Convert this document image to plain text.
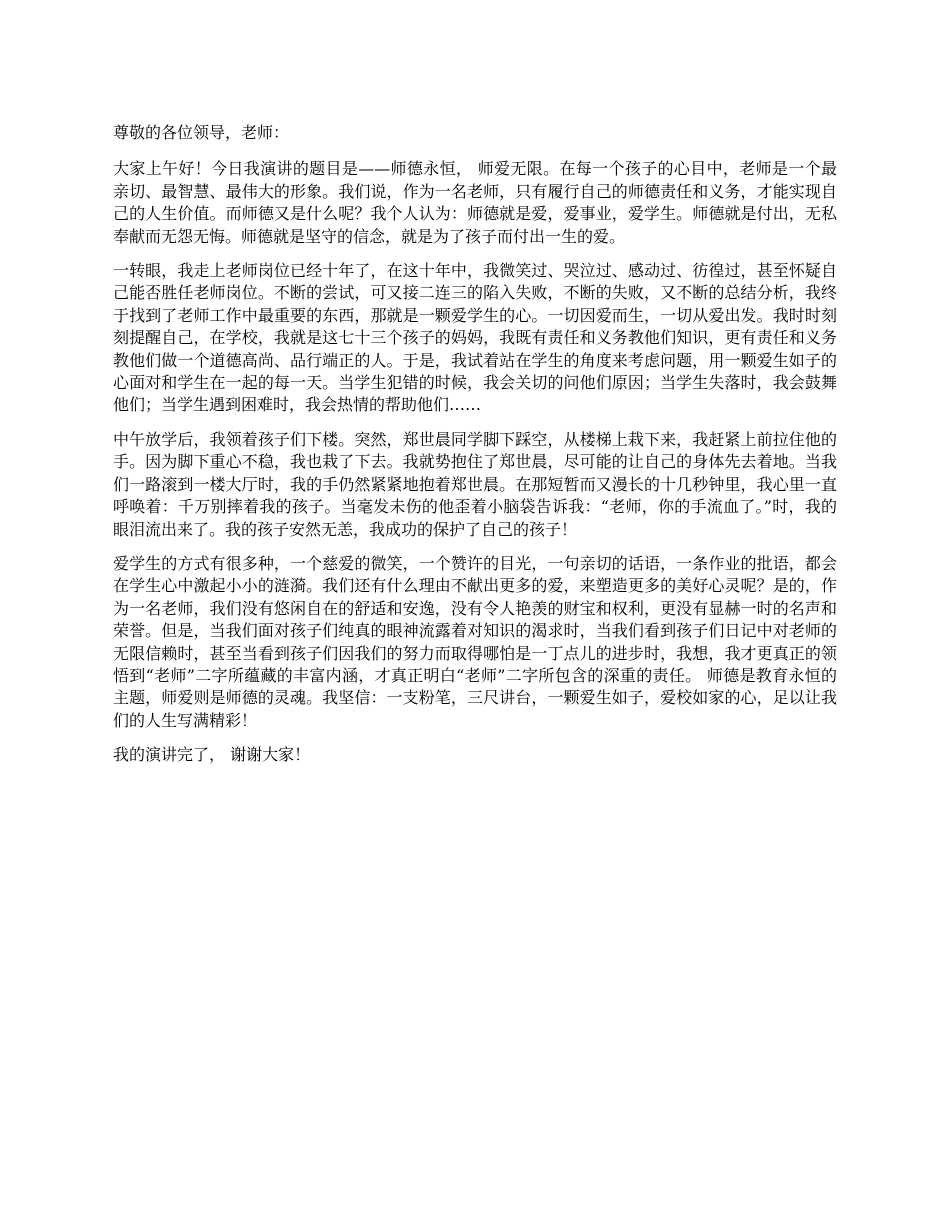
尊敬的各位领导，老师：

大家上午好！今日我演讲的题目是——师德永恒， 师爱无限。在每一个孩子的心目中，老师是一个最亲切、最智慧、最伟大的形象。我们说，作为一名老师，只有履行自己的师德责任和义务，才能实现自己的人生价值。而师德又是什么呢？我个人认为：师德就是爱，爱事业，爱学生。师德就是付出，无私奉献而无怨无悔。师德就是坚守的信念，就是为了孩子而付出一生的爱。

一转眼，我走上老师岗位已经十年了，在这十年中，我微笑过、哭泣过、感动过、彷徨过，甚至怀疑自己能否胜任老师岗位。不断的尝试，可又接二连三的陷入失败，不断的失败，又不断的总结分析，我终于找到了老师工作中最重要的东西，那就是一颗爱学生的心。一切因爱而生，一切从爱出发。我时时刻刻提醒自己，在学校，我就是这七十三个孩子的妈妈，我既有责任和义务教他们知识，更有责任和义务教他们做一个道德高尚、品行端正的人。于是，我试着站在学生的角度来考虑问题，用一颗爱生如子的心面对和学生在一起的每一天。当学生犯错的时候，我会关切的问他们原因；当学生失落时，我会鼓舞他们；当学生遇到困难时，我会热情的帮助他们……

中午放学后，我领着孩子们下楼。突然，郑世晨同学脚下踩空，从楼梯上栽下来，我赶紧上前拉住他的手。因为脚下重心不稳，我也栽了下去。我就势抱住了郑世晨，尽可能的让自己的身体先去着地。当我们一路滚到一楼大厅时，我的手仍然紧紧地抱着郑世晨。在那短暂而又漫长的十几秒钟里，我心里一直呼唤着：千万别摔着我的孩子。当毫发未伤的他歪着小脑袋告诉我：“老师，你的手流血了。”时，我的眼泪流出来了。我的孩子安然无恙，我成功的保护了自己的孩子！

爱学生的方式有很多种，一个慈爱的微笑，一个赞许的目光，一句亲切的话语，一条作业的批语，都会在学生心中激起小小的涟漪。我们还有什么理由不献出更多的爱，来塑造更多的美好心灵呢？是的，作为一名老师，我们没有悠闲自在的舒适和安逸，没有令人艳羡的财宝和权利，更没有显赫一时的名声和荣誉。但是，当我们面对孩子们纯真的眼神流露着对知识的渴求时，当我们看到孩子们日记中对老师的无限信赖时，甚至当看到孩子们因我们的努力而取得哪怕是一丁点儿的进步时，我想，我才更真正的领悟到“老师”二字所蕴藏的丰富内涵，才真正明白“老师”二字所包含的深重的责任。 师德是教育永恒的主题，师爱则是师德的灵魂。我坚信：一支粉笔，三尺讲台，一颗爱生如子，爱校如家的心，足以让我们的人生写满精彩！

我的演讲完了， 谢谢大家！
